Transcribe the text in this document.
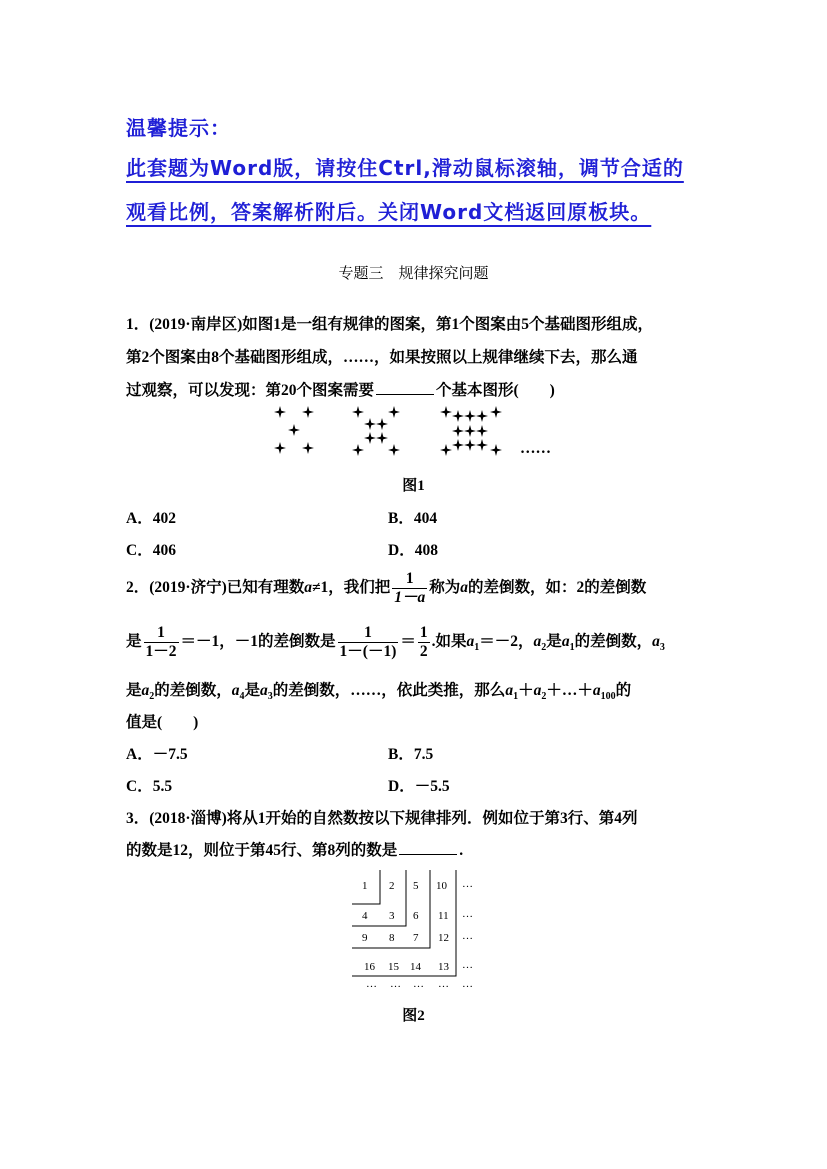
温馨提示：
此套题为Word版，请按住Ctrl,滑动鼠标滚轴，调节合适的
观看比例，答案解析附后。关闭Word文档返回原板块。
专题三　规律探究问题
1．(2019·南岸区)如图1是一组有规律的图案，第1个图案由5个基础图形组成，
第2个图案由8个基础图形组成，……，如果按照以上规律继续下去，那么通
过观察，可以发现：第20个图案需要	个基本图形(　　)
……
图1
A．402	B．404
C．406	D．408
2．(2019·济宁)已知有理数a≠1，我们把 $\frac{1}{1-a}$ 称为a的差倒数，如：2的差倒数
是 $\frac{1}{1-2} =-1$，－1的差倒数是 $\frac{1}{1-(-1)} = \frac{1}{2}$ .如果$a_1=-2$，$a_2$是$a_1$的差倒数，$a_3$
是$a_2$的差倒数，$a_4$是$a_3$的差倒数，……，依此类推，那么$a_1+a_2+\dots+a_{100}$的
值是(　　)
A．－7.5	B．7.5
C．5.5	D．－5.5
3．(2018·淄博)将从1开始的自然数按以下规律排列．例如位于第3行、第4列
的数是12，则位于第45行、第8列的数是	.
1 2 5 10 …
4 3 6 11 …
9 8 7 12 …
16 15 14 13 …
… … … … …
图2
